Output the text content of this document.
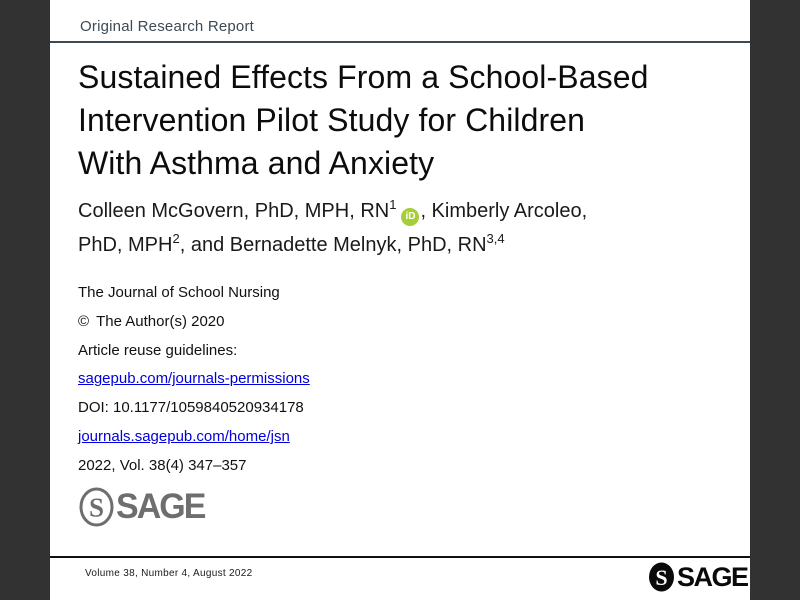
Original Research Report
Sustained Effects From a School-Based
Intervention Pilot Study for Children
With Asthma and Anxiety
Colleen McGovern, PhD, MPH, $RN^1iD$ , Kimberly Arcoleo,
PhD, MPH$^2$, and Bernadette Melnyk, PhD, RN$^{3,4}$
The Journal of School Nursing
© The Author(s) 2020
Article reuse guidelines:
sagepub.com/journals-permissions
DOI: 10.1177/1059840520934178
journals.sagepub.com/home/jsn
2022, Vol. 38(4) 347–357
S SAGE
Volume 38, Number 4, August 2022	S SAGE
